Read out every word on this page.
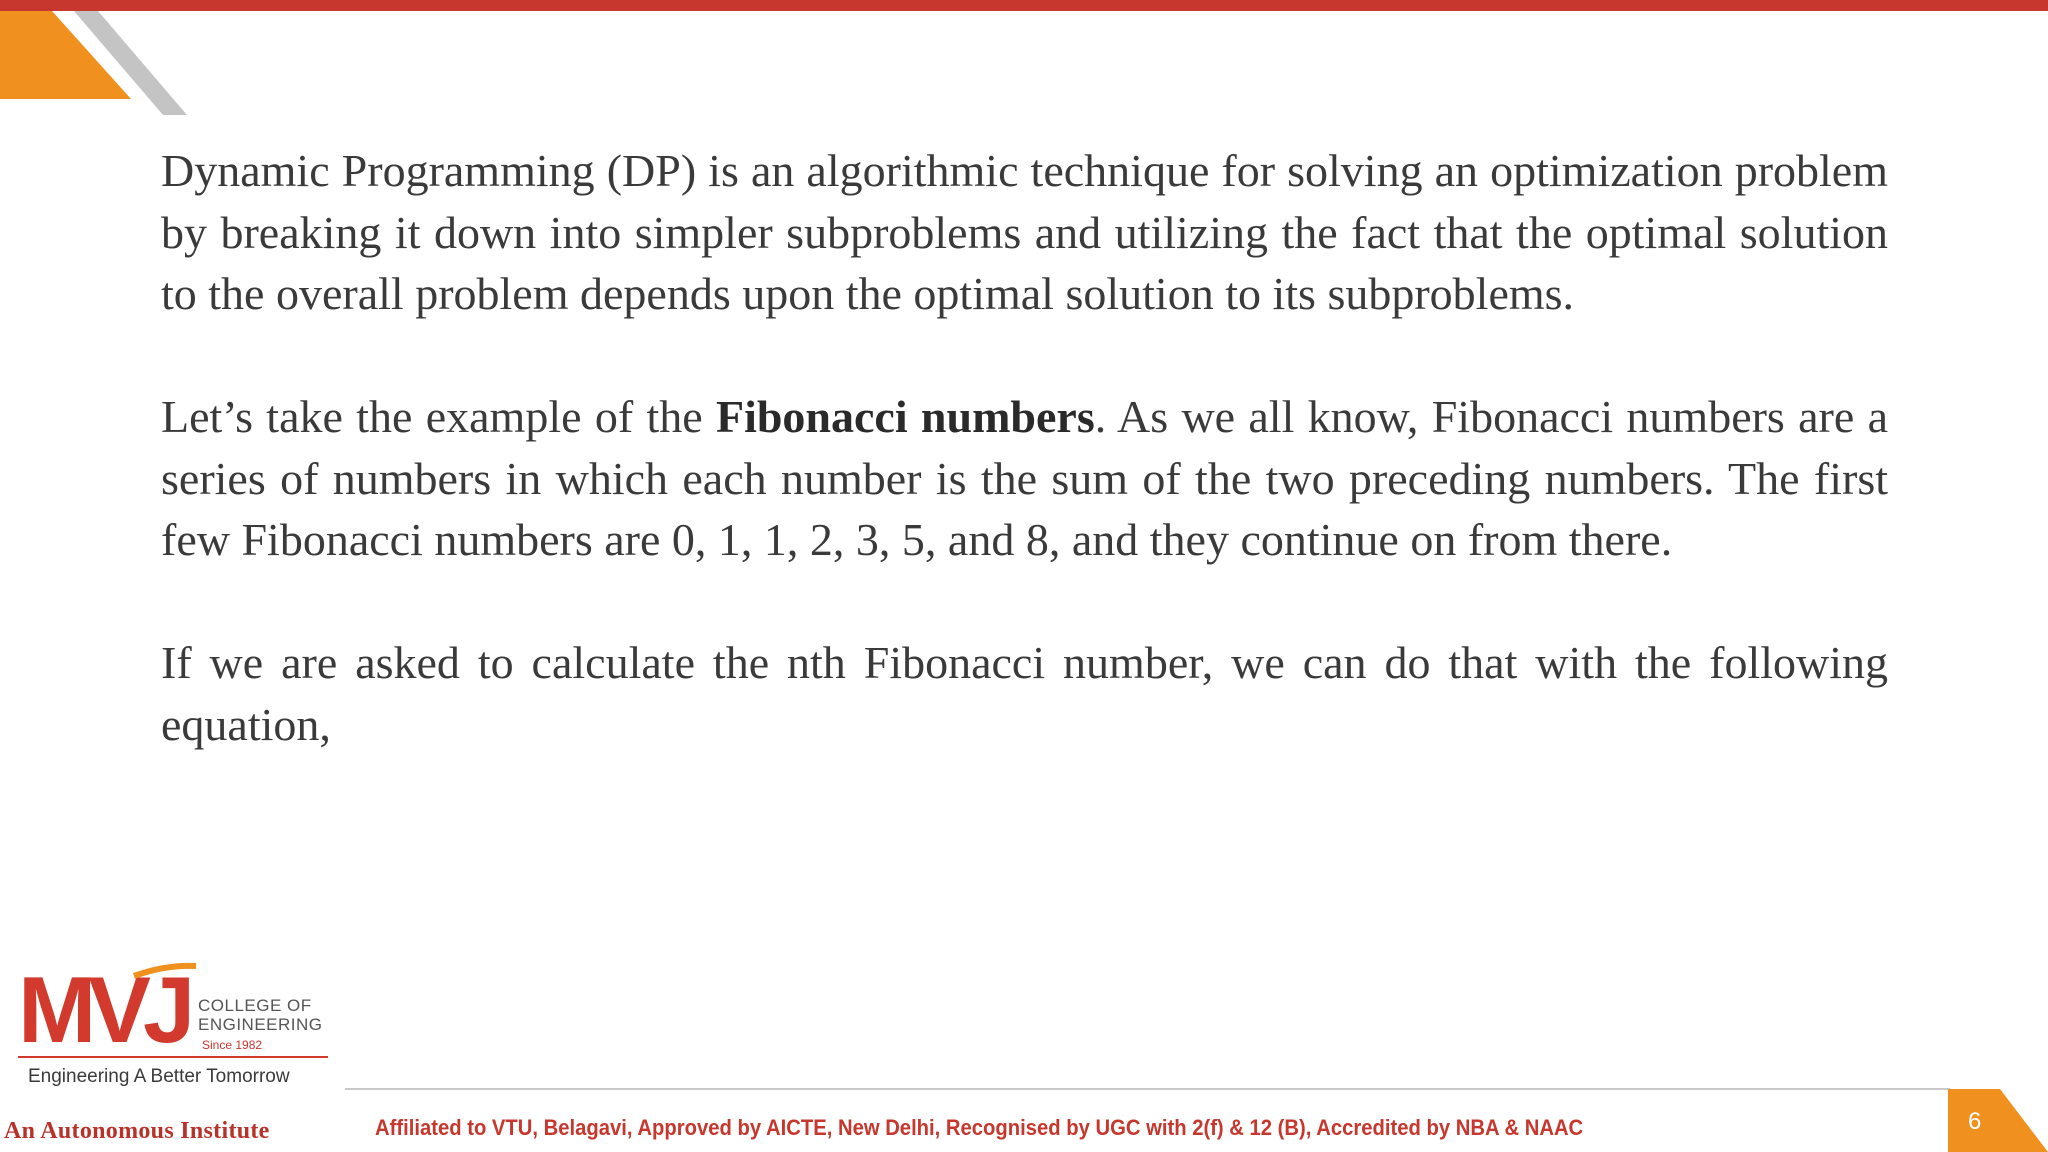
Dynamic Programming (DP) is an algorithmic technique for solving an optimization problem by breaking it down into simpler subproblems and utilizing the fact that the optimal solution to the overall problem depends upon the optimal solution to its subproblems.

Let’s take the example of the Fibonacci numbers. As we all know, Fibonacci numbers are a series of numbers in which each number is the sum of the two preceding numbers. The first few Fibonacci numbers are 0, 1, 1, 2, 3, 5, and 8, and they continue on from there.

If we are asked to calculate the nth Fibonacci number, we can do that with the following equation,

MVJ COLLEGE OF
ENGINEERING
Since 1982
Engineering A Better Tomorrow
An Autonomous Institute	Affiliated to VTU, Belagavi, Approved by AICTE, New Delhi, Recognised by UGC with 2(f) & 12 (B), Accredited by NBA & NAAC	6
